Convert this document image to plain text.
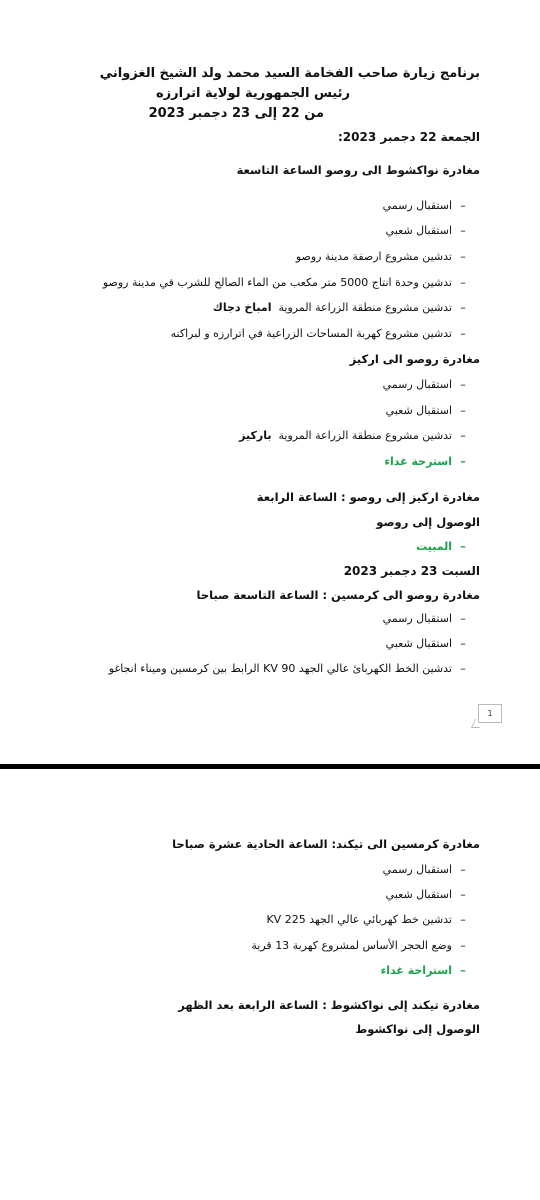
برنامج زيارة صاحب الفخامة السيد محمد ولد الشيخ الغزواني
رئيس الجمهورية لولاية اترارزه
من 22 إلى 23 دجمبر 2023
الجمعة 22 دجمبر 2023:
مغادرة نواكشوط الى روصو الساعة التاسعة
–استقبال رسمي
–استقبال شعبي
–تدشين مشروع ارصفة مدينة روصو
–تدشين وحدة انتاج 5000 متر مكعب من الماء الصالح للشرب في مدينة روصو
–تدشين مشروع منطقة الزراعة المروية  امباخ دجاك
–تدشين مشروع كهربة المساحات الزراعية في اترارزه و لبراكنه
مغادرة روصو الى اركيز
–استقبال رسمي
–استقبال شعبي
–تدشين مشروع منطقة الزراعة المروية  باركيز
–استرحة غداء
مغادرة اركيز إلى روصو : الساعة الرابعة
الوصول إلى روصو
–المبيت
السبت 23 دجمبر 2023
مغادرة روصو الى كرمسين : الساعة التاسعة صباحا
–استقبال رسمي
–استقبال شعبي
–تدشين الخط الكهربائ عالي الجهد 90 KV الرابط بين كرمسين وميناء انجاغو
1
مغادرة كرمسين الى تيكند: الساعة الحادية عشرة صباحا
–استقبال رسمي
–استقبال شعبي
–تدشين خط كهربائي عالي الجهد 225 KV
–وضع الحجر الأساس لمشروع كهربة 13 قرية
–استراحة غداء
مغادرة تيكند إلى نواكشوط : الساعة الرابعة بعد الظهر
الوصول إلى نواكشوط
